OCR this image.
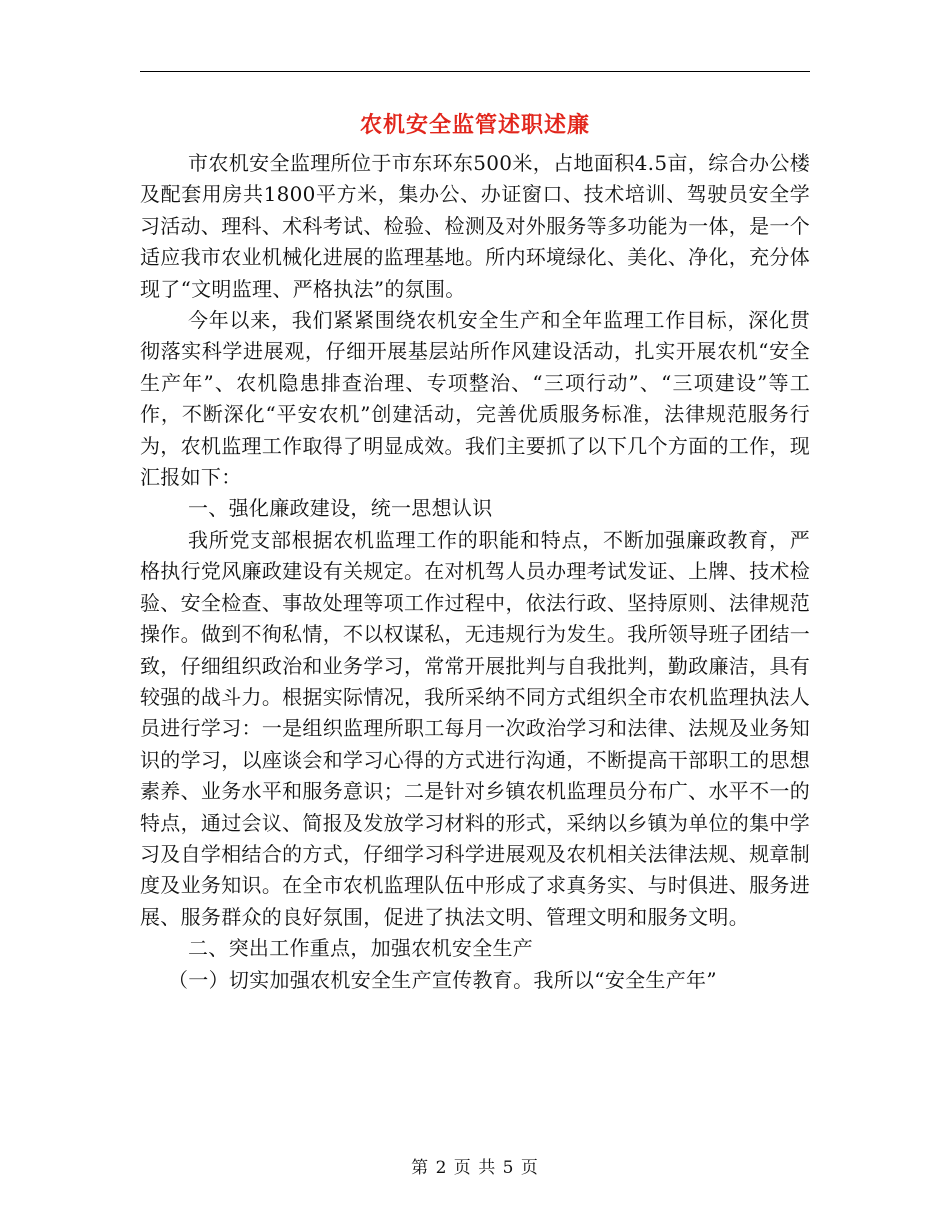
农机安全监管述职述廉

市农机安全监理所位于市东环东500米，占地面积4.5亩，综合办公楼及配套用房共1800平方米，集办公、办证窗口、技术培训、驾驶员安全学习活动、理科、术科考试、检验、检测及对外服务等多功能为一体，是一个适应我市农业机械化进展的监理基地。所内环境绿化、美化、净化，充分体现了“文明监理、严格执法”的氛围。

今年以来，我们紧紧围绕农机安全生产和全年监理工作目标，深化贯彻落实科学进展观，仔细开展基层站所作风建设活动，扎实开展农机“安全生产年”、农机隐患排查治理、专项整治、“三项行动”、“三项建设”等工作，不断深化“平安农机”创建活动，完善优质服务标准，法律规范服务行为，农机监理工作取得了明显成效。我们主要抓了以下几个方面的工作，现汇报如下：

一、强化廉政建设，统一思想认识

我所党支部根据农机监理工作的职能和特点，不断加强廉政教育，严格执行党风廉政建设有关规定。在对机驾人员办理考试发证、上牌、技术检验、安全检查、事故处理等项工作过程中，依法行政、坚持原则、法律规范操作。做到不徇私情，不以权谋私，无违规行为发生。我所领导班子团结一致，仔细组织政治和业务学习，常常开展批判与自我批判，勤政廉洁，具有较强的战斗力。根据实际情况，我所采纳不同方式组织全市农机监理执法人员进行学习：一是组织监理所职工每月一次政治学习和法律、法规及业务知识的学习，以座谈会和学习心得的方式进行沟通，不断提高干部职工的思想素养、业务水平和服务意识；二是针对乡镇农机监理员分布广、水平不一的特点，通过会议、简报及发放学习材料的形式，采纳以乡镇为单位的集中学习及自学相结合的方式，仔细学习科学进展观及农机相关法律法规、规章制度及业务知识。在全市农机监理队伍中形成了求真务实、与时俱进、服务进展、服务群众的良好氛围，促进了执法文明、管理文明和服务文明。

二、突出工作重点，加强农机安全生产

（一）切实加强农机安全生产宣传教育。我所以“安全生产年”

第 2 页 共 5 页
